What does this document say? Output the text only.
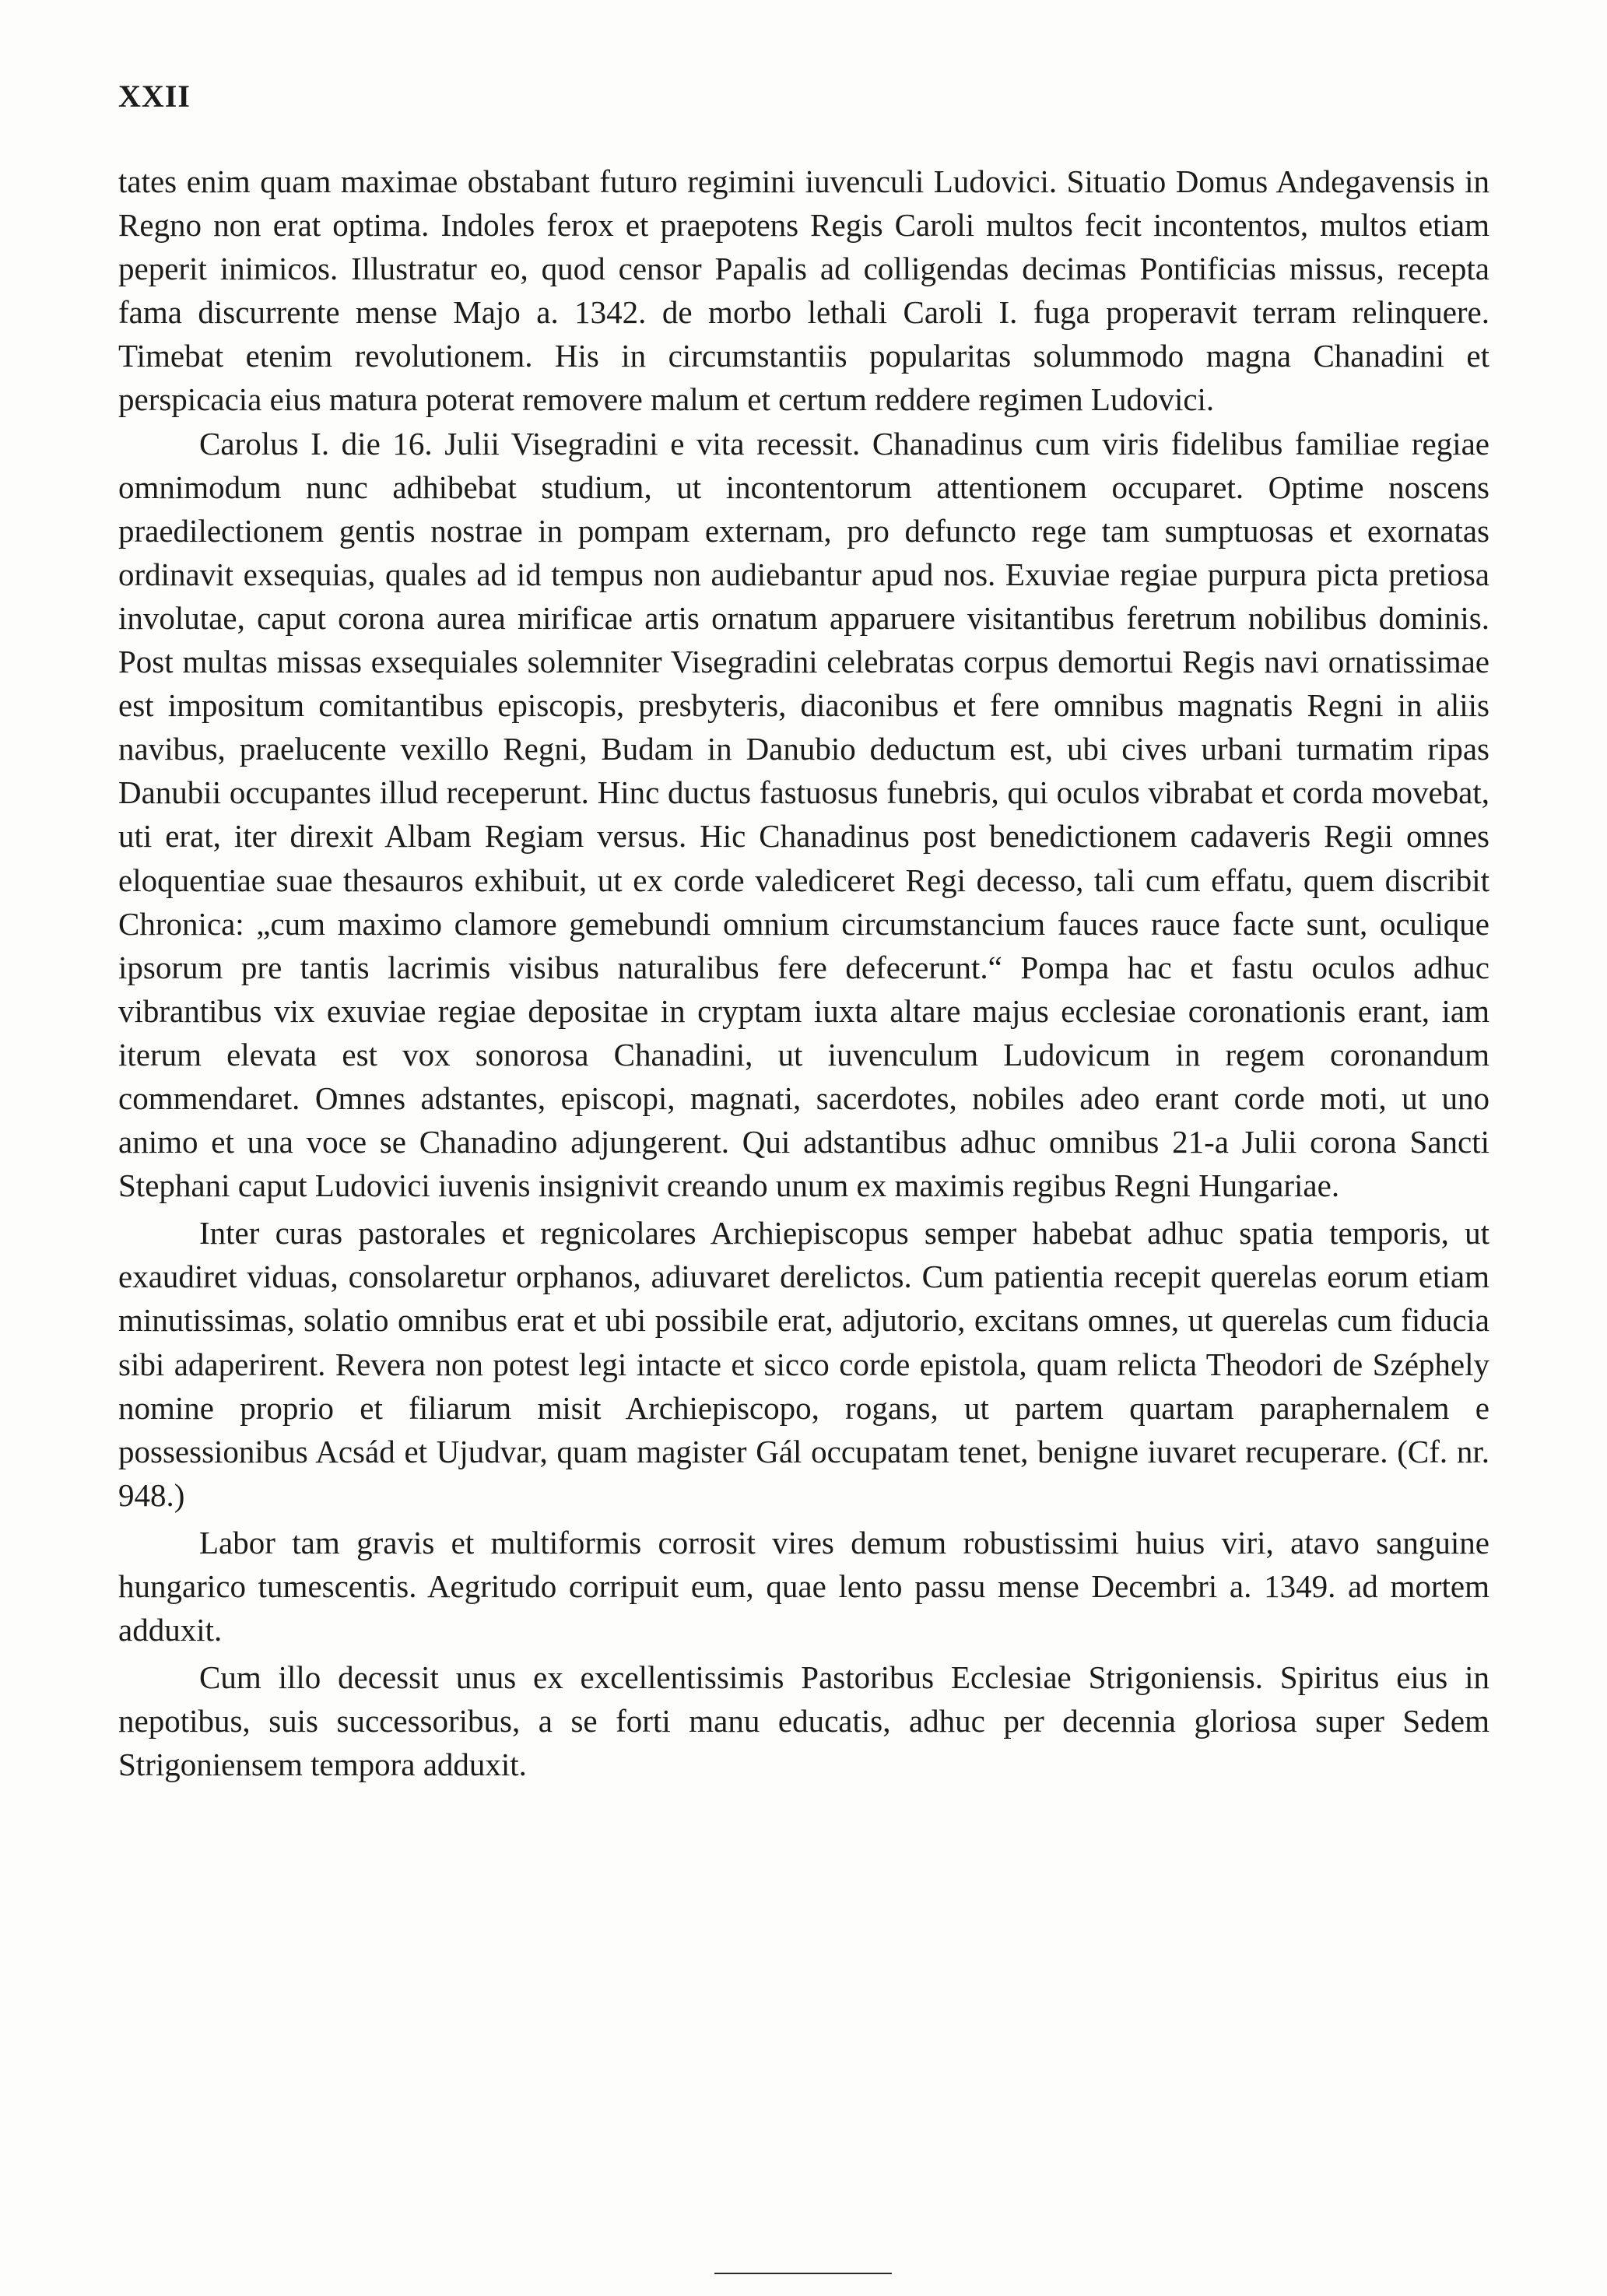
XXII

tates enim quam maximae obstabant futuro regimini iuvenculi Ludovici. Situatio Domus Andegavensis in Regno non erat optima. Indoles ferox et praepotens Regis Caroli multos fecit incontentos, multos etiam peperit inimicos. Illustratur eo, quod censor Papalis ad colligendas decimas Pontificias missus, recepta fama discurrente mense Majo a. 1342. de morbo lethali Caroli I. fuga properavit terram relinquere. Timebat etenim revolutionem. His in circumstantiis popularitas solummodo magna Chanadini et perspicacia eius matura poterat removere malum et certum reddere regimen Ludovici.

Carolus I. die 16. Julii Visegradini e vita recessit. Chanadinus cum viris fidelibus familiae regiae omnimodum nunc adhibebat studium, ut incontentorum attentionem occuparet. Optime noscens praedilectionem gentis nostrae in pompam externam, pro defuncto rege tam sumptuosas et exornatas ordinavit exsequias, quales ad id tempus non audiebantur apud nos. Exuviae regiae purpura picta pretiosa involutae, caput corona aurea mirificae artis ornatum apparuere visitantibus feretrum nobilibus dominis. Post multas missas exsequiales solemniter Visegradini celebratas corpus demortui Regis navi ornatissimae est impositum comitantibus episcopis, presbyteris, diaconibus et fere omnibus magnatis Regni in aliis navibus, praelucente vexillo Regni, Budam in Danubio deductum est, ubi cives urbani turmatim ripas Danubii occupantes illud receperunt. Hinc ductus fastuosus funebris, qui oculos vibrabat et corda movebat, uti erat, iter direxit Albam Regiam versus. Hic Chanadinus post benedictionem cadaveris Regii omnes eloquentiae suae thesauros exhibuit, ut ex corde valediceret Regi decesso, tali cum effatu, quem discribit Chronica: „cum maximo clamore gemebundi omnium circumstancium fauces rauce facte sunt, oculique ipsorum pre tantis lacrimis visibus naturalibus fere defecerunt.“ Pompa hac et fastu oculos adhuc vibrantibus vix exuviae regiae depositae in cryptam iuxta altare majus ecclesiae coronationis erant, iam iterum elevata est vox sonorosa Chanadini, ut iuvenculum Ludovicum in regem coronandum commendaret. Omnes adstantes, episcopi, magnati, sacerdotes, nobiles adeo erant corde moti, ut uno animo et una voce se Chanadino adjungerent. Qui adstantibus adhuc omnibus 21-a Julii corona Sancti Stephani caput Ludovici iuvenis insignivit creando unum ex maximis regibus Regni Hungariae.

Inter curas pastorales et regnicolares Archiepiscopus semper habebat adhuc spatia temporis, ut exaudiret viduas, consolaretur orphanos, adiuvaret derelictos. Cum patientia recepit querelas eorum etiam minutissimas, solatio omnibus erat et ubi possibile erat, adjutorio, excitans omnes, ut querelas cum fiducia sibi adaperirent. Revera non potest legi intacte et sicco corde epistola, quam relicta Theodori de Széphely nomine proprio et filiarum misit Archiepiscopo, rogans, ut partem quartam paraphernalem e possessionibus Acsád et Ujudvar, quam magister Gál occupatam tenet, benigne iuvaret recuperare. (Cf. nr. 948.)

Labor tam gravis et multiformis corrosit vires demum robustissimi huius viri, atavo sanguine hungarico tumescentis. Aegritudo corripuit eum, quae lento passu mense Decembri a. 1349. ad mortem adduxit.

Cum illo decessit unus ex excellentissimis Pastoribus Ecclesiae Strigoniensis. Spiritus eius in nepotibus, suis successoribus, a se forti manu educatis, adhuc per decennia gloriosa super Sedem Strigoniensem tempora adduxit.
